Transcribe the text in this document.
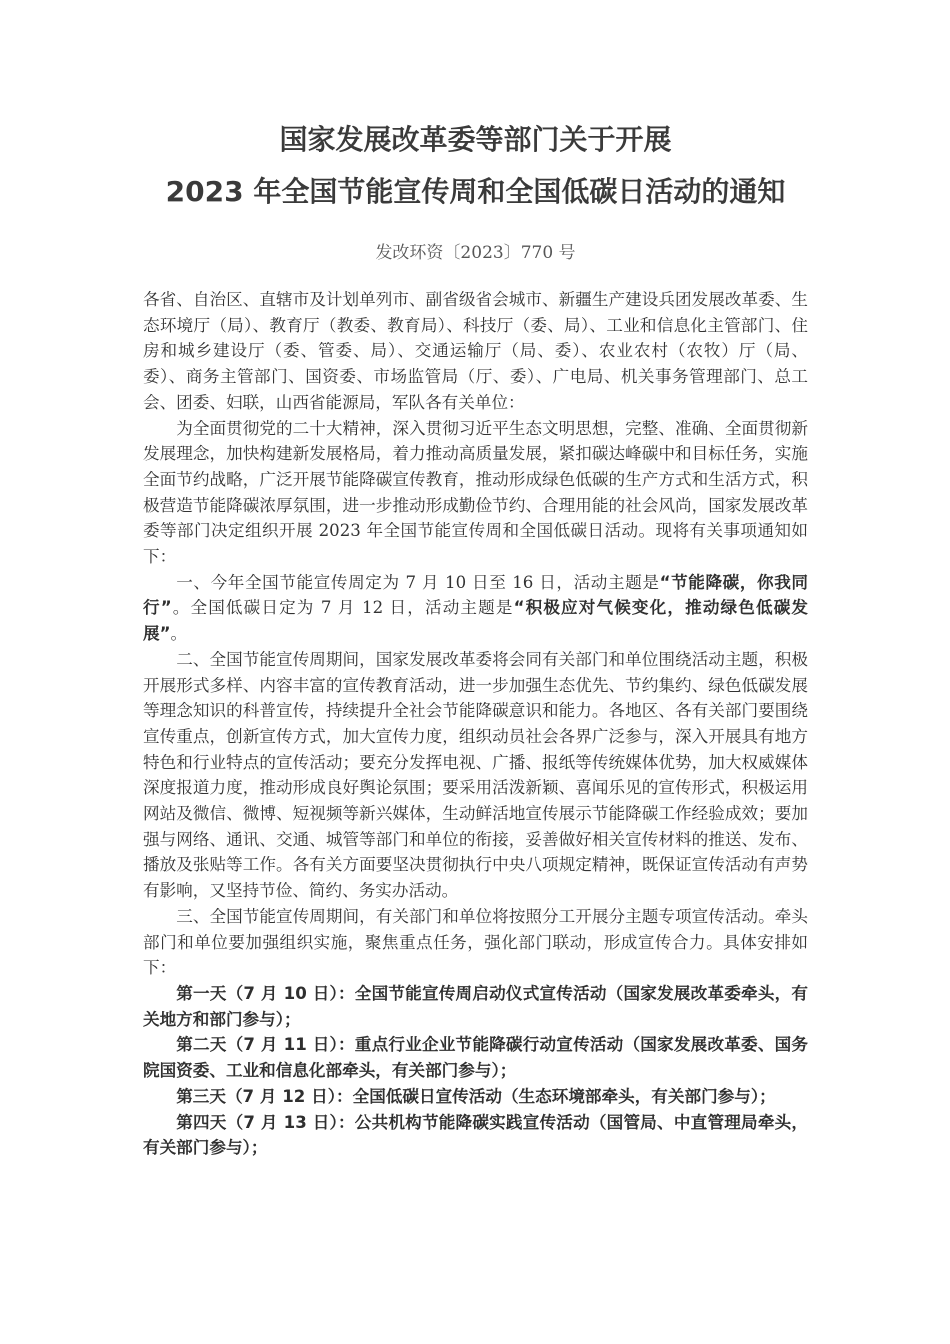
国家发展改革委等部门关于开展
2023 年全国节能宣传周和全国低碳日活动的通知
发改环资〔2023〕770 号

各省、自治区、直辖市及计划单列市、副省级省会城市、新疆生产建设兵团发展改革委、生态环境厅（局）、教育厅（教委、教育局）、科技厅（委、局）、工业和信息化主管部门、住房和城乡建设厅（委、管委、局）、交通运输厅（局、委）、农业农村（农牧）厅（局、委）、商务主管部门、国资委、市场监管局（厅、委）、广电局、机关事务管理部门、总工会、团委、妇联，山西省能源局，军队各有关单位：

为全面贯彻党的二十大精神，深入贯彻习近平生态文明思想，完整、准确、全面贯彻新发展理念，加快构建新发展格局，着力推动高质量发展，紧扣碳达峰碳中和目标任务，实施全面节约战略，广泛开展节能降碳宣传教育，推动形成绿色低碳的生产方式和生活方式，积极营造节能降碳浓厚氛围，进一步推动形成勤俭节约、合理用能的社会风尚，国家发展改革委等部门决定组织开展 2023 年全国节能宣传周和全国低碳日活动。现将有关事项通知如下：

一、今年全国节能宣传周定为 7 月 10 日至 16 日，活动主题是“节能降碳，你我同行”。全国低碳日定为 7 月 12 日，活动主题是“积极应对气候变化，推动绿色低碳发展”。

二、全国节能宣传周期间，国家发展改革委将会同有关部门和单位围绕活动主题，积极开展形式多样、内容丰富的宣传教育活动，进一步加强生态优先、节约集约、绿色低碳发展等理念知识的科普宣传，持续提升全社会节能降碳意识和能力。各地区、各有关部门要围绕宣传重点，创新宣传方式，加大宣传力度，组织动员社会各界广泛参与，深入开展具有地方特色和行业特点的宣传活动；要充分发挥电视、广播、报纸等传统媒体优势，加大权威媒体深度报道力度，推动形成良好舆论氛围；要采用活泼新颖、喜闻乐见的宣传形式，积极运用网站及微信、微博、短视频等新兴媒体，生动鲜活地宣传展示节能降碳工作经验成效；要加强与网络、通讯、交通、城管等部门和单位的衔接，妥善做好相关宣传材料的推送、发布、播放及张贴等工作。各有关方面要坚决贯彻执行中央八项规定精神，既保证宣传活动有声势有影响，又坚持节俭、简约、务实办活动。

三、全国节能宣传周期间，有关部门和单位将按照分工开展分主题专项宣传活动。牵头部门和单位要加强组织实施，聚焦重点任务，强化部门联动，形成宣传合力。具体安排如下：

第一天（7 月 10 日）：全国节能宣传周启动仪式宣传活动（国家发展改革委牵头，有关地方和部门参与）；

第二天（7 月 11 日）：重点行业企业节能降碳行动宣传活动（国家发展改革委、国务院国资委、工业和信息化部牵头，有关部门参与）；

第三天（7 月 12 日）：全国低碳日宣传活动（生态环境部牵头，有关部门参与）；

第四天（7 月 13 日）：公共机构节能降碳实践宣传活动（国管局、中直管理局牵头，有关部门参与）；
